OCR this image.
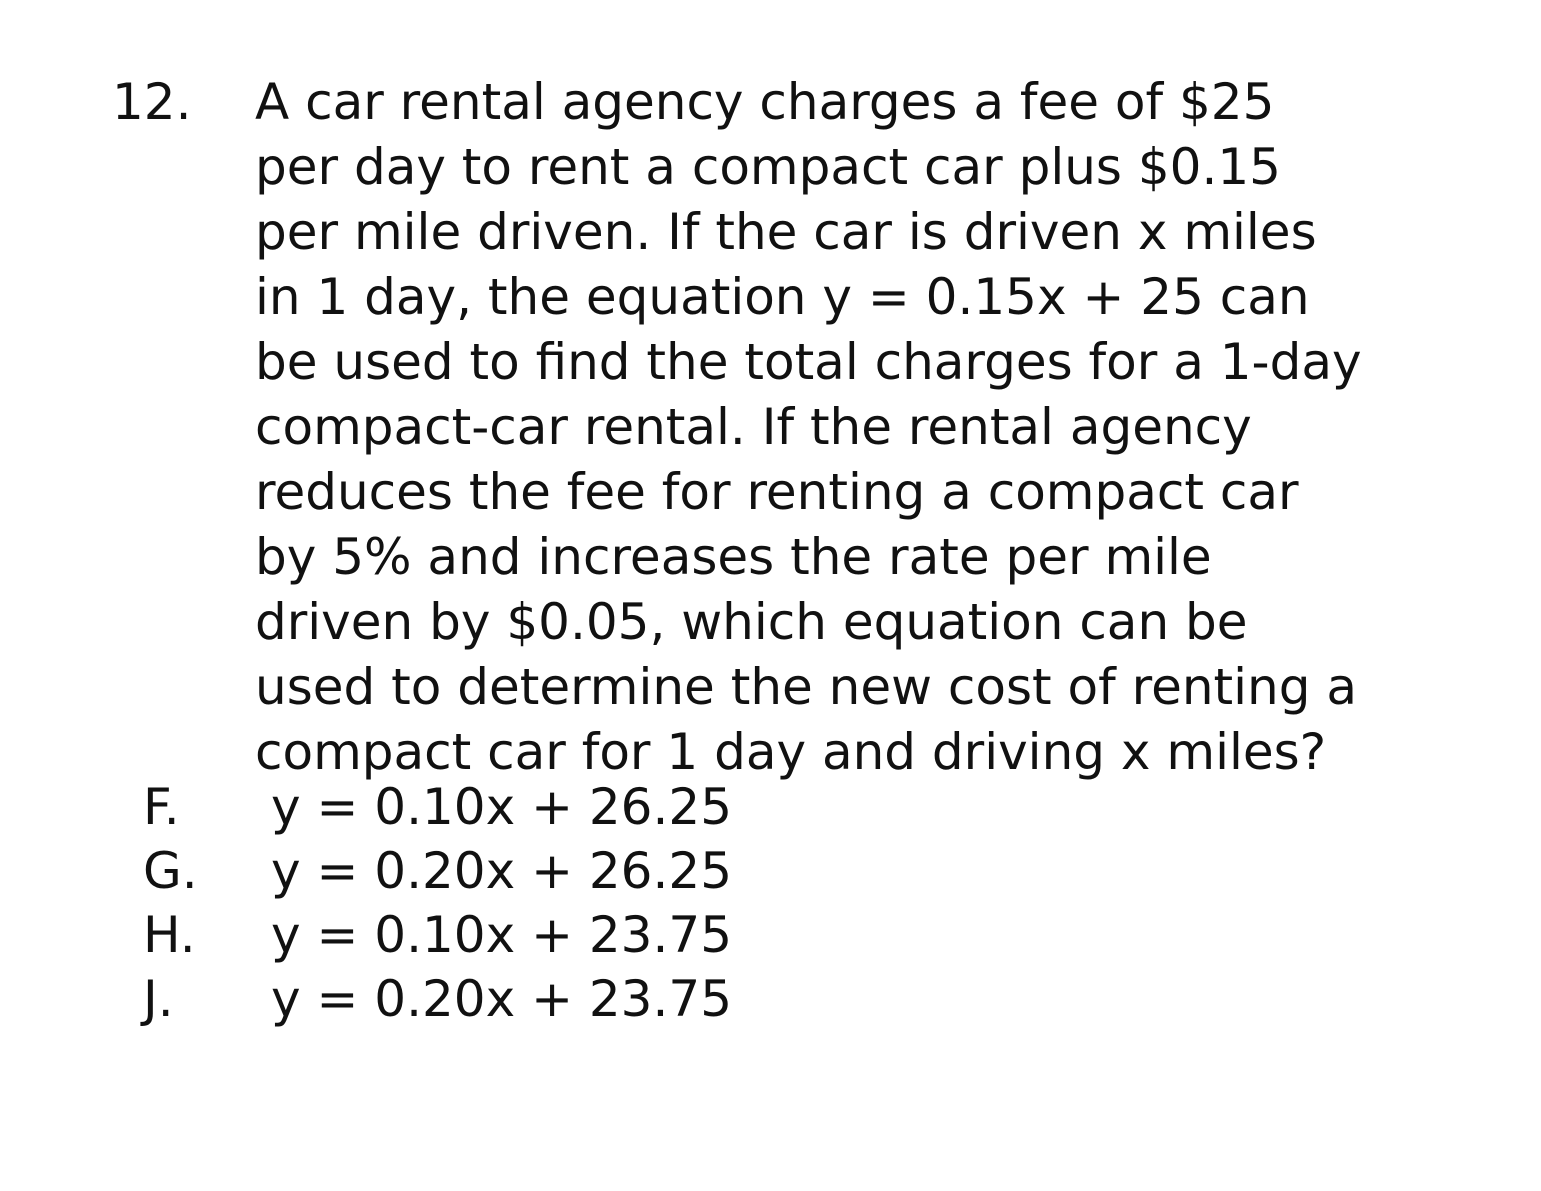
12. A car rental agency charges a fee of $25
per day to rent a compact car plus $0.15
per mile driven. If the car is driven x miles
in 1 day, the equation y = 0.15x + 25 can
be used to find the total charges for a 1-day
compact-car rental. If the rental agency
reduces the fee for renting a compact car
by 5% and increases the rate per mile
driven by $0.05, which equation can be
used to determine the new cost of renting a
compact car for 1 day and driving x miles?
F.	y = 0.10x + 26.25
G.	y = 0.20x + 26.25
H.	y = 0.10x + 23.75
J.	y = 0.20x + 23.75
